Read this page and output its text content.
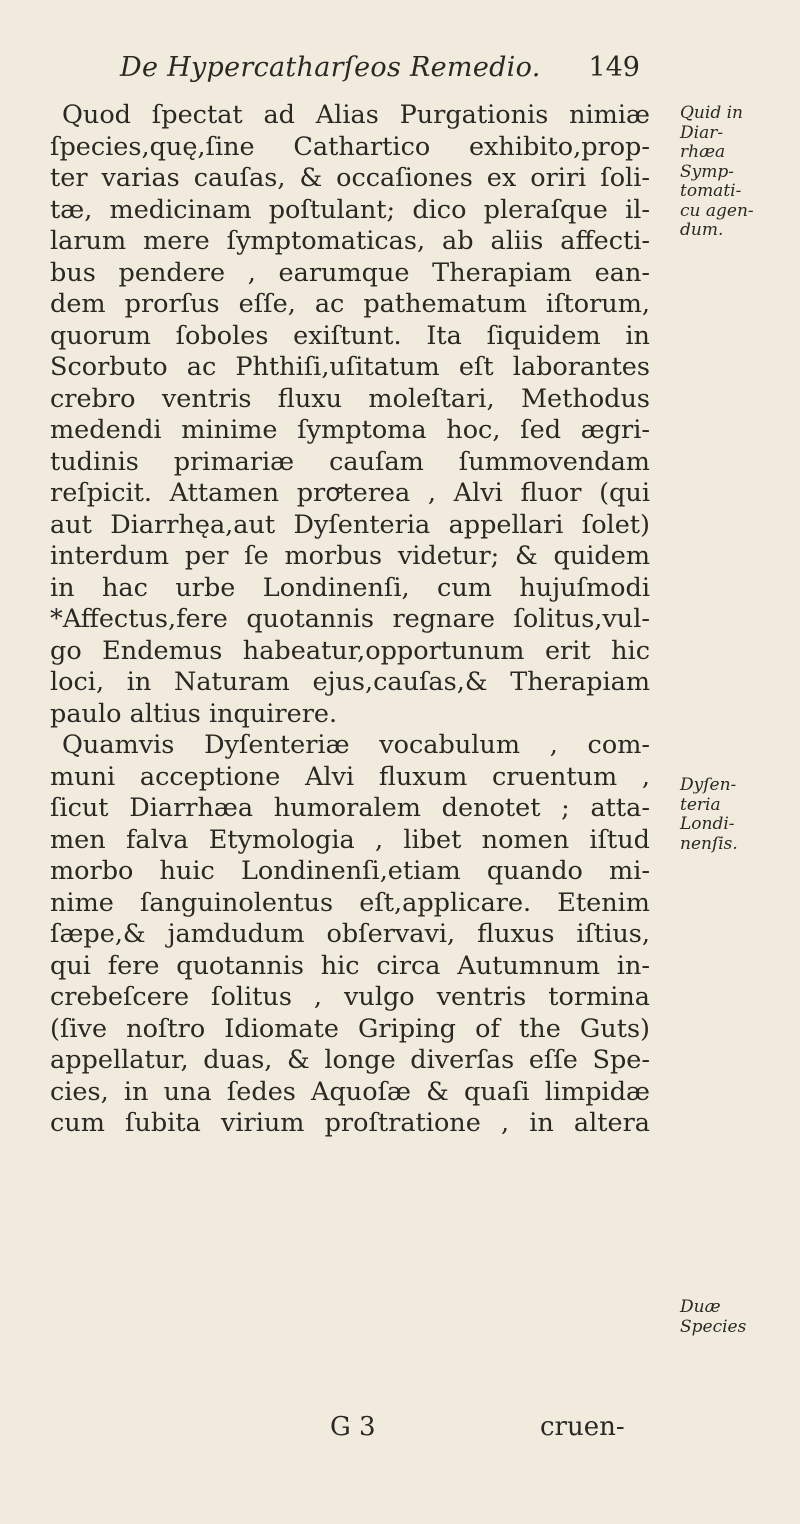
De Hypercatharſeos Remedio. 149
Quod ſpectat ad Alias Purgationis nimiæ
ſpecies,quę,ſine Cathartico exhibito,prop-
ter varias cauſas, & occaſiones ex oriri ſoli-
tæ, medicinam poſtulant; dico pleraſque il-
larum mere ſymptomaticas, ab aliis affecti-
bus pendere , earumque Therapiam ean-
dem prorſus eſſe, ac pathematum iſtorum,
quorum ſoboles exiſtunt. Ita ſiquidem in
Scorbuto ac Phthiſi,uſitatum eſt laborantes
crebro ventris fluxu moleſtari, Methodus
medendi minime ſymptoma hoc, ſed ægri-
tudinis primariæ cauſam ſummovendam
reſpicit. Attamen prꝍterea , Alvi fluor (qui
aut Diarrhęa,aut Dyſenteria appellari ſolet)
interdum per ſe morbus videtur; & quidem
in hac urbe Londinenſi, cum hujuſmodi
*Affectus,fere quotannis regnare ſolitus,vul-
go Endemus habeatur,opportunum erit hic
loci, in Naturam ejus,cauſas,& Therapiam
paulo altius inquirere.
Quamvis Dyſenteriæ vocabulum , com-
muni acceptione Alvi fluxum cruentum ,
ſicut Diarrhæa humoralem denotet ; atta-
men falva Etymologia , libet nomen iſtud
morbo huic Londinenſi,etiam quando mi-
nime ſanguinolentus eſt,applicare. Etenim
ſæpe,& jamdudum obſervavi, fluxus iſtius,
qui fere quotannis hic circa Autumnum in-
crebeſcere ſolitus , vulgo ventris tormina
(ſive noſtro Idiomate Griping of the Guts)
appellatur, duas, & longe diverſas eſſe Spe-
cies, in una ſedes Aquoſæ & quaſi limpidæ
cum ſubita virium proſtratione , in altera
Quid in
Diar-
rhæa
Symp-
tomati-
cu agen-
dum.
Dyſen-
teria
Londi-
nenſis.
Duæ
Species
G 3	cruen-
